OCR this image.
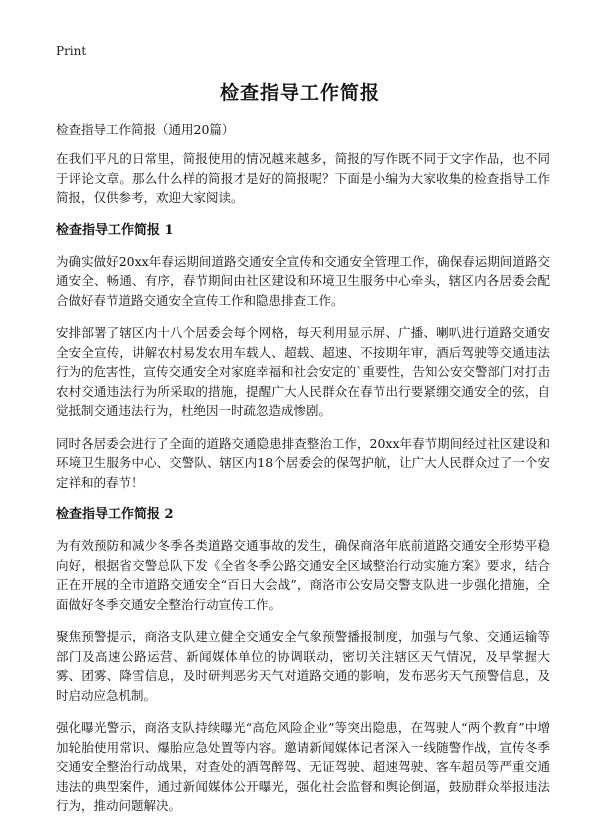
Print
检查指导工作简报
检查指导工作简报（通用20篇）

在我们平凡的日常里，简报使用的情况越来越多，简报的写作既不同于文字作品，也不同于评论文章。那么什么样的简报才是好的简报呢？下面是小编为大家收集的检查指导工作简报，仅供参考，欢迎大家阅读。

检查指导工作简报 1

为确实做好20xx年春运期间道路交通安全宣传和交通安全管理工作，确保春运期间道路交通安全、畅通、有序，春节期间由社区建设和环境卫生服务中心牵头，辖区内各居委会配合做好春节道路交通安全宣传工作和隐患排查工作。

安排部署了辖区内十八个居委会每个网格，每天利用显示屏、广播、喇叭进行道路交通安全安全宣传，讲解农村易发农用车载人、超载、超速、不按期年审，酒后驾驶等交通违法行为的危害性，宣传交通安全对家庭幸福和社会安定的`重要性，告知公安交警部门对打击农村交通违法行为所采取的措施，提醒广大人民群众在春节出行要紧绷交通安全的弦，自觉抵制交通违法行为，杜绝因一时疏忽造成惨剧。

同时各居委会进行了全面的道路交通隐患排查整治工作，20xx年春节期间经过社区建设和环境卫生服务中心、交警队、辖区内18个居委会的保驾护航，让广大人民群众过了一个安定祥和的春节！

检查指导工作简报 2

为有效预防和减少冬季各类道路交通事故的发生，确保商洛年底前道路交通安全形势平稳向好，根据省交警总队下发《全省冬季公路交通安全区域整治行动实施方案》要求，结合正在开展的全市道路交通安全“百日大会战”，商洛市公安局交警支队进一步强化措施，全面做好冬季交通安全整治行动宣传工作。

聚焦预警提示，商洛支队建立健全交通安全气象预警播报制度，加强与气象、交通运输等部门及高速公路运营、新闻媒体单位的协调联动，密切关注辖区天气情况，及早掌握大雾、团雾、降雪信息，及时研判恶劣天气对道路交通的影响，发布恶劣天气预警信息，及时启动应急机制。

强化曝光警示，商洛支队持续曝光“高危风险企业”等突出隐患，在驾驶人“两个教育”中增加轮胎使用常识、爆胎应急处置等内容。邀请新闻媒体记者深入一线随警作战，宣传冬季交通安全整治行动战果，对查处的酒驾醉驾、无证驾驶、超速驾驶、客车超员等严重交通违法的典型案件，通过新闻媒体公开曝光，强化社会监督和舆论倒逼，鼓励群众举报违法行为，推动问题解决。
